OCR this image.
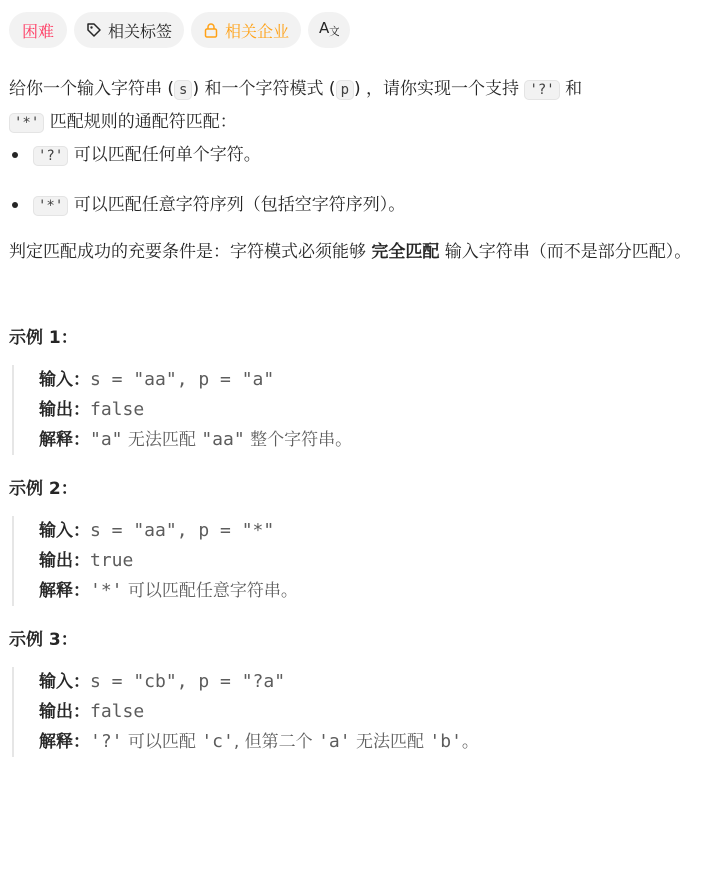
困难	相关标签	相关企业 A 文

给你一个输入字符串 ( s ) 和一个字符模式 ( p ) ，请你实现一个支持 '?' 和
'*' 匹配规则的通配符匹配：

'?' 可以匹配任何单个字符。
'*' 可以匹配任意字符序列（包括空字符序列）。

判定匹配成功的充要条件是：字符模式必须能够 完全匹配 输入字符串（而不是部分匹配）。

示例 1：
输入：s = "aa", p = "a"
输出：false
解释："a" 无法匹配 "aa" 整个字符串。
示例 2：
输入：s = "aa", p = "*"
输出：true
解释：'*' 可以匹配任意字符串。
示例 3：
输入：s = "cb", p = "?a"
输出：false
解释：'?' 可以匹配 'c', 但第二个 'a' 无法匹配 'b'。
